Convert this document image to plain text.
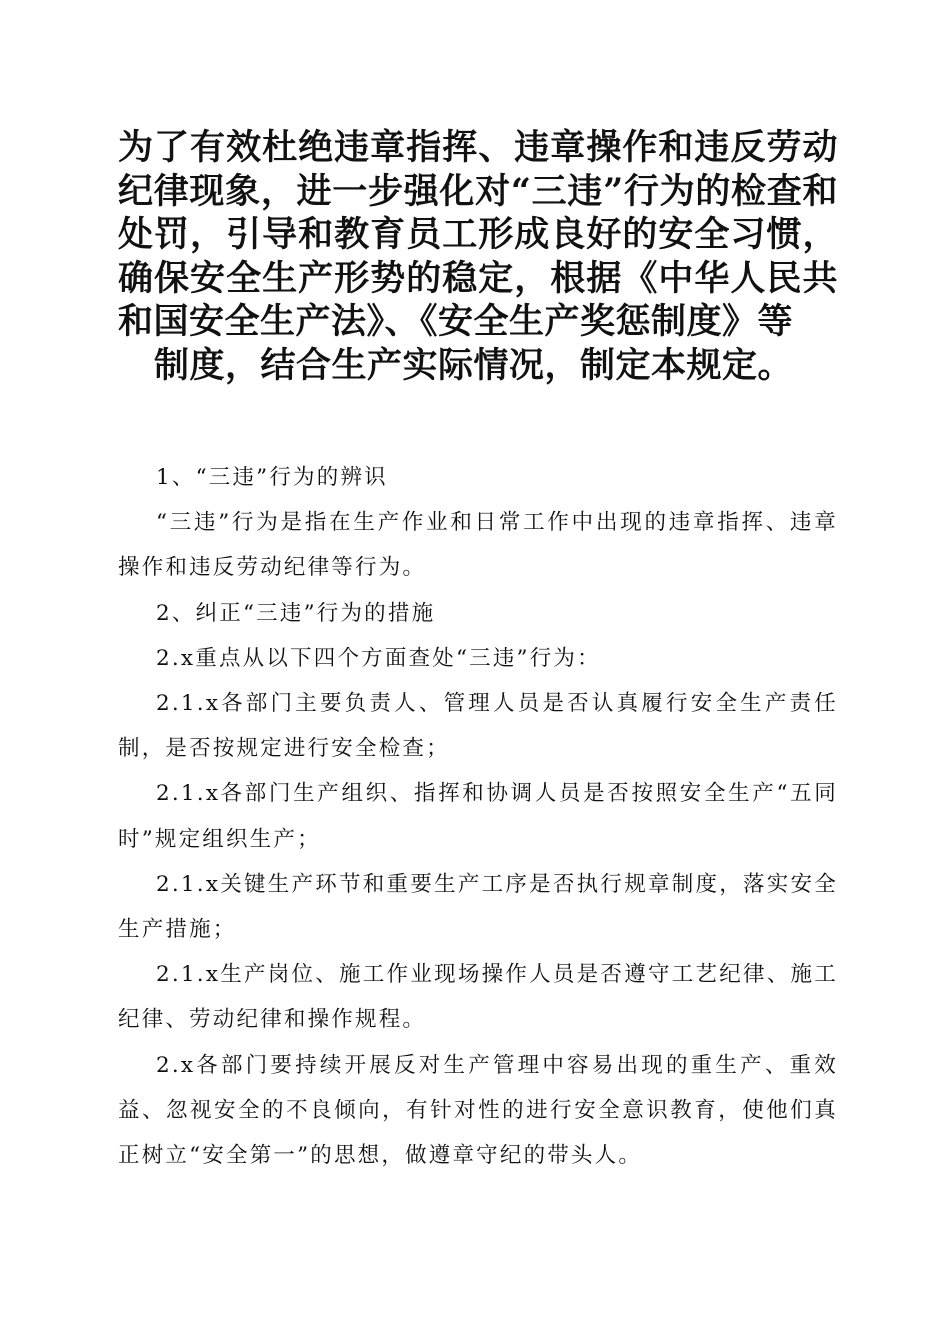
为了有效杜绝违章指挥、违章操作和违反劳动纪律现象，进一步强化对“三违”行为的检查和处罚，引导和教育员工形成良好的安全习惯，确保安全生产形势的稳定，根据《中华人民共和国安全生产法》、《安全生产奖惩制度》等
制度，结合生产实际情况，制定本规定。

1、“三违”行为的辨识

“三违”行为是指在生产作业和日常工作中出现的违章指挥、违章操作和违反劳动纪律等行为。

2、纠正“三违”行为的措施

2.x重点从以下四个方面查处“三违”行为：

2.1.x各部门主要负责人、管理人员是否认真履行安全生产责任制，是否按规定进行安全检查；

2.1.x各部门生产组织、指挥和协调人员是否按照安全生产“五同时”规定组织生产；

2.1.x关键生产环节和重要生产工序是否执行规章制度，落实安全生产措施；

2.1.x生产岗位、施工作业现场操作人员是否遵守工艺纪律、施工纪律、劳动纪律和操作规程。

2.x各部门要持续开展反对生产管理中容易出现的重生产、重效益、忽视安全的不良倾向，有针对性的进行安全意识教育，使他们真正树立“安全第一”的思想，做遵章守纪的带头人。
